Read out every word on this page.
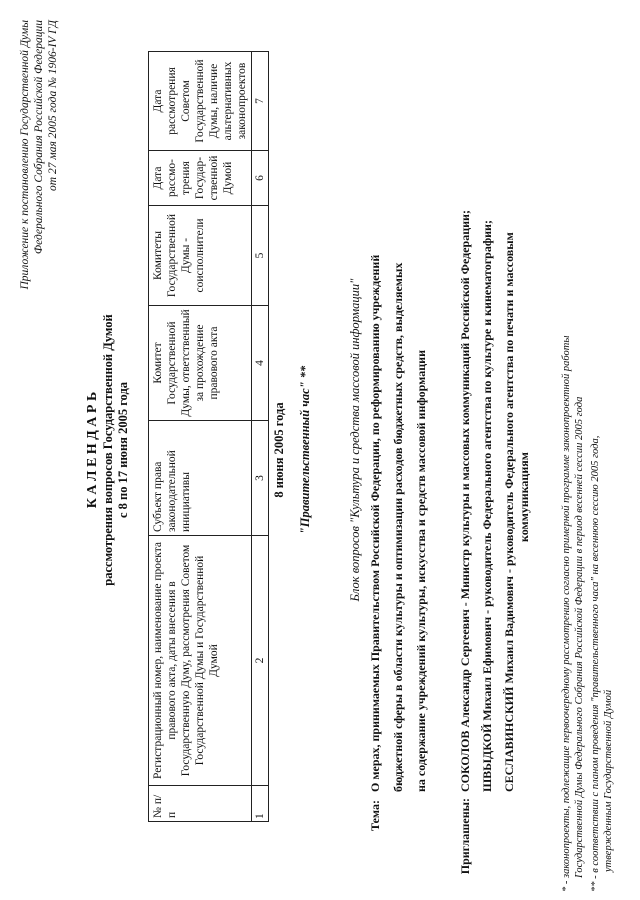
Приложение к постановлению Государственной Думы Федерального Собрания Российской Федерации от 27 мая 2005 года № 1906-IV ГД
К А Л Е Н Д А Р Ь рассмотрения вопросов Государственной Думой с 8 по 17 июня 2005 года
№ п/п	Регистрационный номер, наименование проекта правового акта, даты внесения в Государственную Думу, рассмотрения Советом Государственной Думы и Государственной Думой	Субъект права законодательной инициативы	Комитет Государственной Думы, ответственный за прохождение правового акта	Комитеты Государственной Думы - соисполнители	Дата рассмо-трения Государ-ственной Думой	Дата рассмотрения Советом Государственной Думы, наличие альтернативных законопроектов
1	2	3	4	5	6	7
8 июня 2005 года "Правительственный час" **	Блок вопросов "Культура и средства массовой информации"
Тема:
О мерах, принимаемых Правительством Российской Федерации, по реформированию учреждений бюджетной сферы в области культуры и оптимизации расходов бюджетных средств, выделяемых на содержание учреждений культуры, искусства и средств массовой информации
Приглашены:
СОКОЛОВ Александр Сергеевич - Министр культуры и массовых коммуникаций Российской Федерации; ШВЫДКОЙ Михаил Ефимович - руководитель Федерального агентства по культуре и кинематографии; СЕСЛАВИНСКИЙ Михаил Вадимович - руководитель Федерального агентства по печати и массовым коммуникациям	* - законопроекты, подлежащие первоочередному рассмотрению согласно примерной программе законопроектной работы Государственной Думы Федерального Собрания Российской Федерации в период весенней сессии 2005 года ** - в соответствии с планом проведения "правительственного часа" на весеннюю сессию 2005 года, утвержденным Государственной Думой
